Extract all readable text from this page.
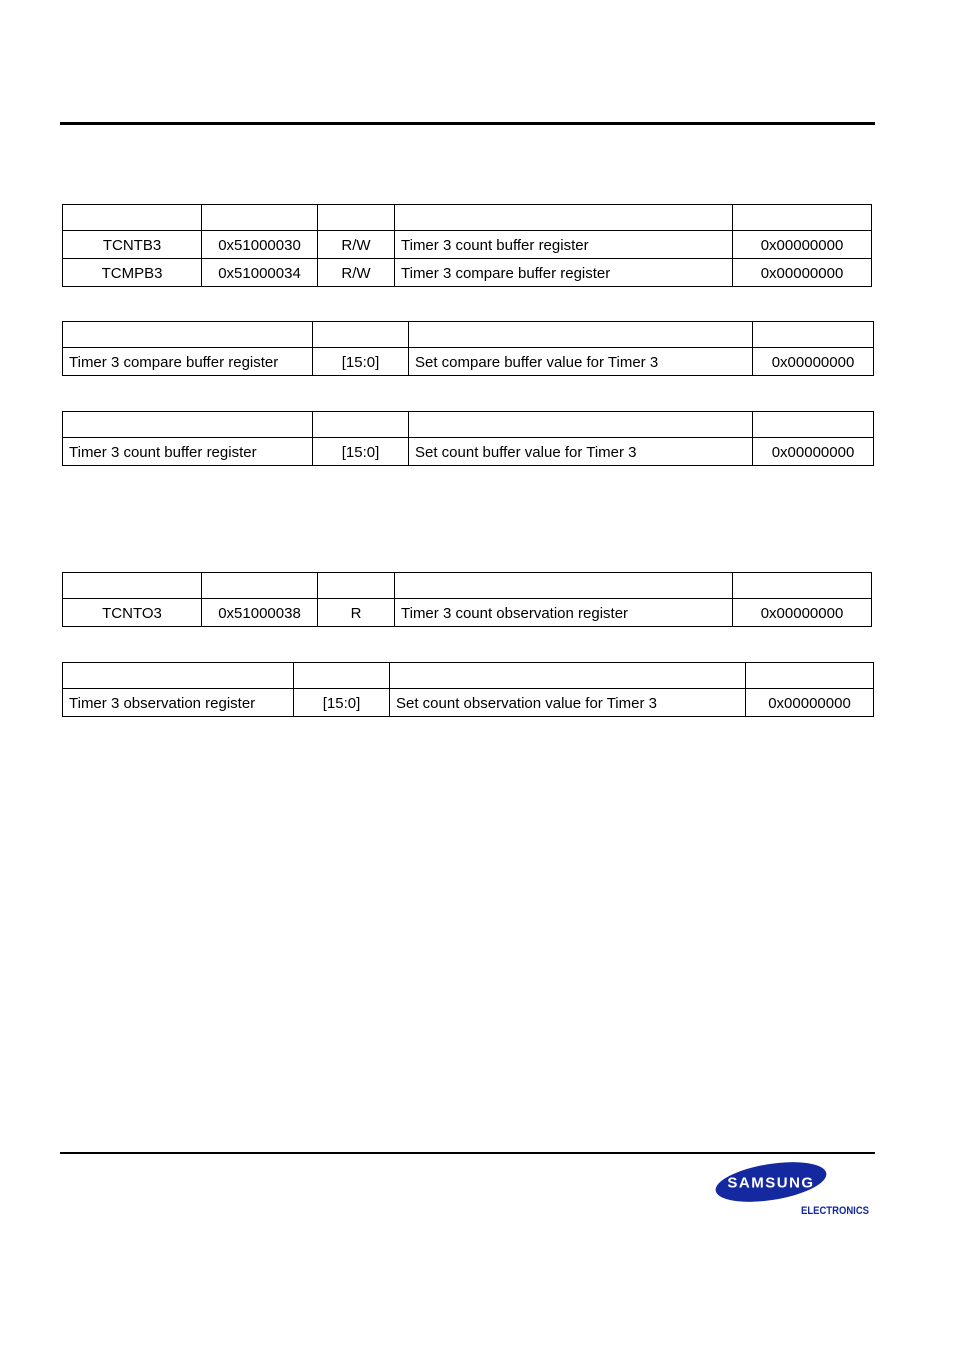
TCNTB3	0x51000030	R/W	Timer 3 count buffer register	0x00000000
TCMPB3	0x51000034	R/W	Timer 3 compare buffer register	0x00000000

Timer 3 compare buffer register	[15:0]	Set compare buffer value for Timer 3	0x00000000

Timer 3 count buffer register	[15:0]	Set count buffer value for Timer 3	0x00000000

TCNTO3	0x51000038	R	Timer 3 count observation register	0x00000000

Timer 3 observation register	[15:0]	Set count observation value for Timer 3	0x00000000
SAMSUNG
ELECTRONICS
